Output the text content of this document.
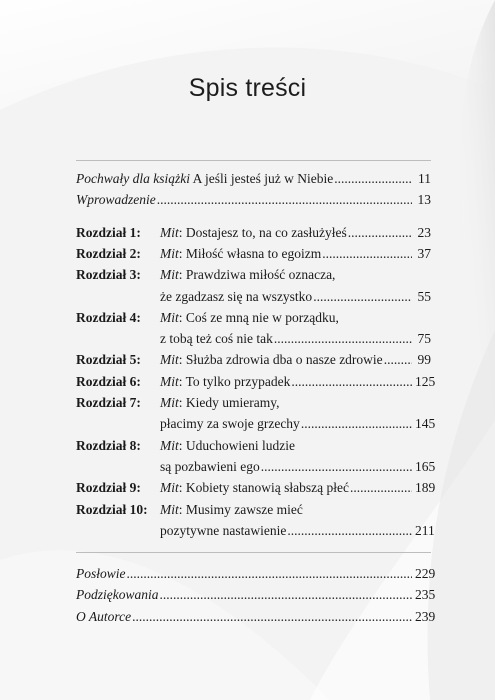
Spis treści
Pochwały dla książki A jeśli jesteś już w Niebie .....	11
Wprowadzenie .....	13
Rozdział 1: Mit: Dostajesz to, na co zasłużyłeś .....	23
Rozdział 2: Mit: Miłość własna to egoizm .....	37
Rozdział 3: Mit: Prawdziwa miłość oznacza,
że zgadzasz się na wszystko .....	55
Rozdział 4: Mit: Coś ze mną nie w porządku,
z tobą też coś nie tak .....	75
Rozdział 5: Mit: Służba zdrowia dba o nasze zdrowie .....	99
Rozdział 6: Mit: To tylko przypadek .....	125
Rozdział 7: Mit: Kiedy umieramy,
płacimy za swoje grzechy .....	145
Rozdział 8: Mit: Uduchowieni ludzie
są pozbawieni ego .....	165
Rozdział 9: Mit: Kobiety stanowią słabszą płeć .....	189
Rozdział 10: Mit: Musimy zawsze mieć
pozytywne nastawienie .....	211
Posłowie .....	229
Podziękowania .....	235
O Autorce .....	239
